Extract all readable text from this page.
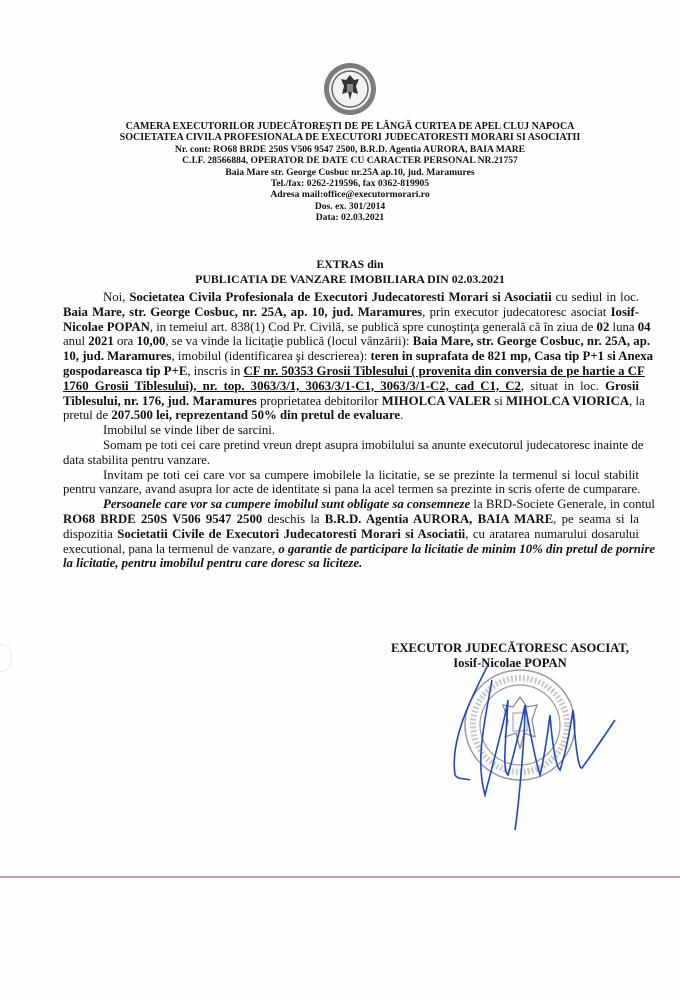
CAMERA EXECUTORILOR JUDECĂTOREŞTI DE PE LÂNGĂ CURTEA DE APEL CLUJ NAPOCA
SOCIETATEA CIVILA PROFESIONALA DE EXECUTORI JUDECATORESTI MORARI SI ASOCIATII
Nr. cont: RO68 BRDE 250S V506 9547 2500, B.R.D. Agentia AURORA, BAIA MARE
C.I.F. 28566884, OPERATOR DE DATE CU CARACTER PERSONAL NR.21757
Baia Mare str. George Cosbuc nr.25A ap.10, jud. Maramures
Tel./fax: 0262-219596, fax 0362-819905
Adresa mail:office@executormorari.ro
Dos. ex. 301/2014
Data: 02.03.2021
EXTRAS din
PUBLICATIA DE VANZARE IMOBILIARA DIN 02.03.2021
Noi, Societatea Civila Profesionala de Executori Judecatoresti Morari si Asociatii cu sediul in loc.
Baia Mare, str. George Cosbuc, nr. 25A, ap. 10, jud. Maramures, prin executor judecatoresc asociat Iosif-
Nicolae POPAN, in temeiul art. 838(1) Cod Pr. Civilă, se publică spre cunoştinţa generală că în ziua de 02 luna 04
anul 2021 ora 10,00, se va vinde la licitaţie publică (locul vânzării): Baia Mare, str. George Cosbuc, nr. 25A, ap.
10, jud. Maramures, imobilul (identificarea şi descrierea): teren in suprafata de 821 mp, Casa tip P+1 si Anexa
gospodareasca tip P+E, inscris in CF nr. 50353 Grosii Tiblesului ( provenita din conversia de pe hartie a CF
1760 Grosii Tiblesului), nr. top. 3063/3/1, 3063/3/1-C1, 3063/3/1-C2, cad C1, C2, situat in loc. Grosii
Tiblesului, nr. 176, jud. Maramures proprietatea debitorilor MIHOLCA VALER si MIHOLCA VIORICA, la
pretul de 207.500 lei, reprezentand 50% din pretul de evaluare.
Imobilul se vinde liber de sarcini.
Somam pe toti cei care pretind vreun drept asupra imobilului sa anunte executorul judecatoresc inainte de
data stabilita pentru vanzare.
Invitam pe toti cei care vor sa cumpere imobilele la licitatie, se se prezinte la termenul si locul stabilit
pentru vanzare, avand asupra lor acte de identitate si pana la acel termen sa prezinte in scris oferte de cumparare.
Persoanele care vor sa cumpere imobilul sunt obligate sa consemneze la BRD-Societe Generale, in contul
RO68 BRDE 250S V506 9547 2500 deschis la B.R.D. Agentia AURORA, BAIA MARE, pe seama si la
dispozitia Societatii Civile de Executori Judecatoresti Morari si Asociatii, cu aratarea numarului dosarului
executional, pana la termenul de vanzare, o garantie de participare la licitatie de minim 10% din pretul de pornire
la licitatie, pentru imobilul pentru care doresc sa liciteze.
EXECUTOR JUDECĂTORESC ASOCIAT,
Iosif-Nicolae POPAN
